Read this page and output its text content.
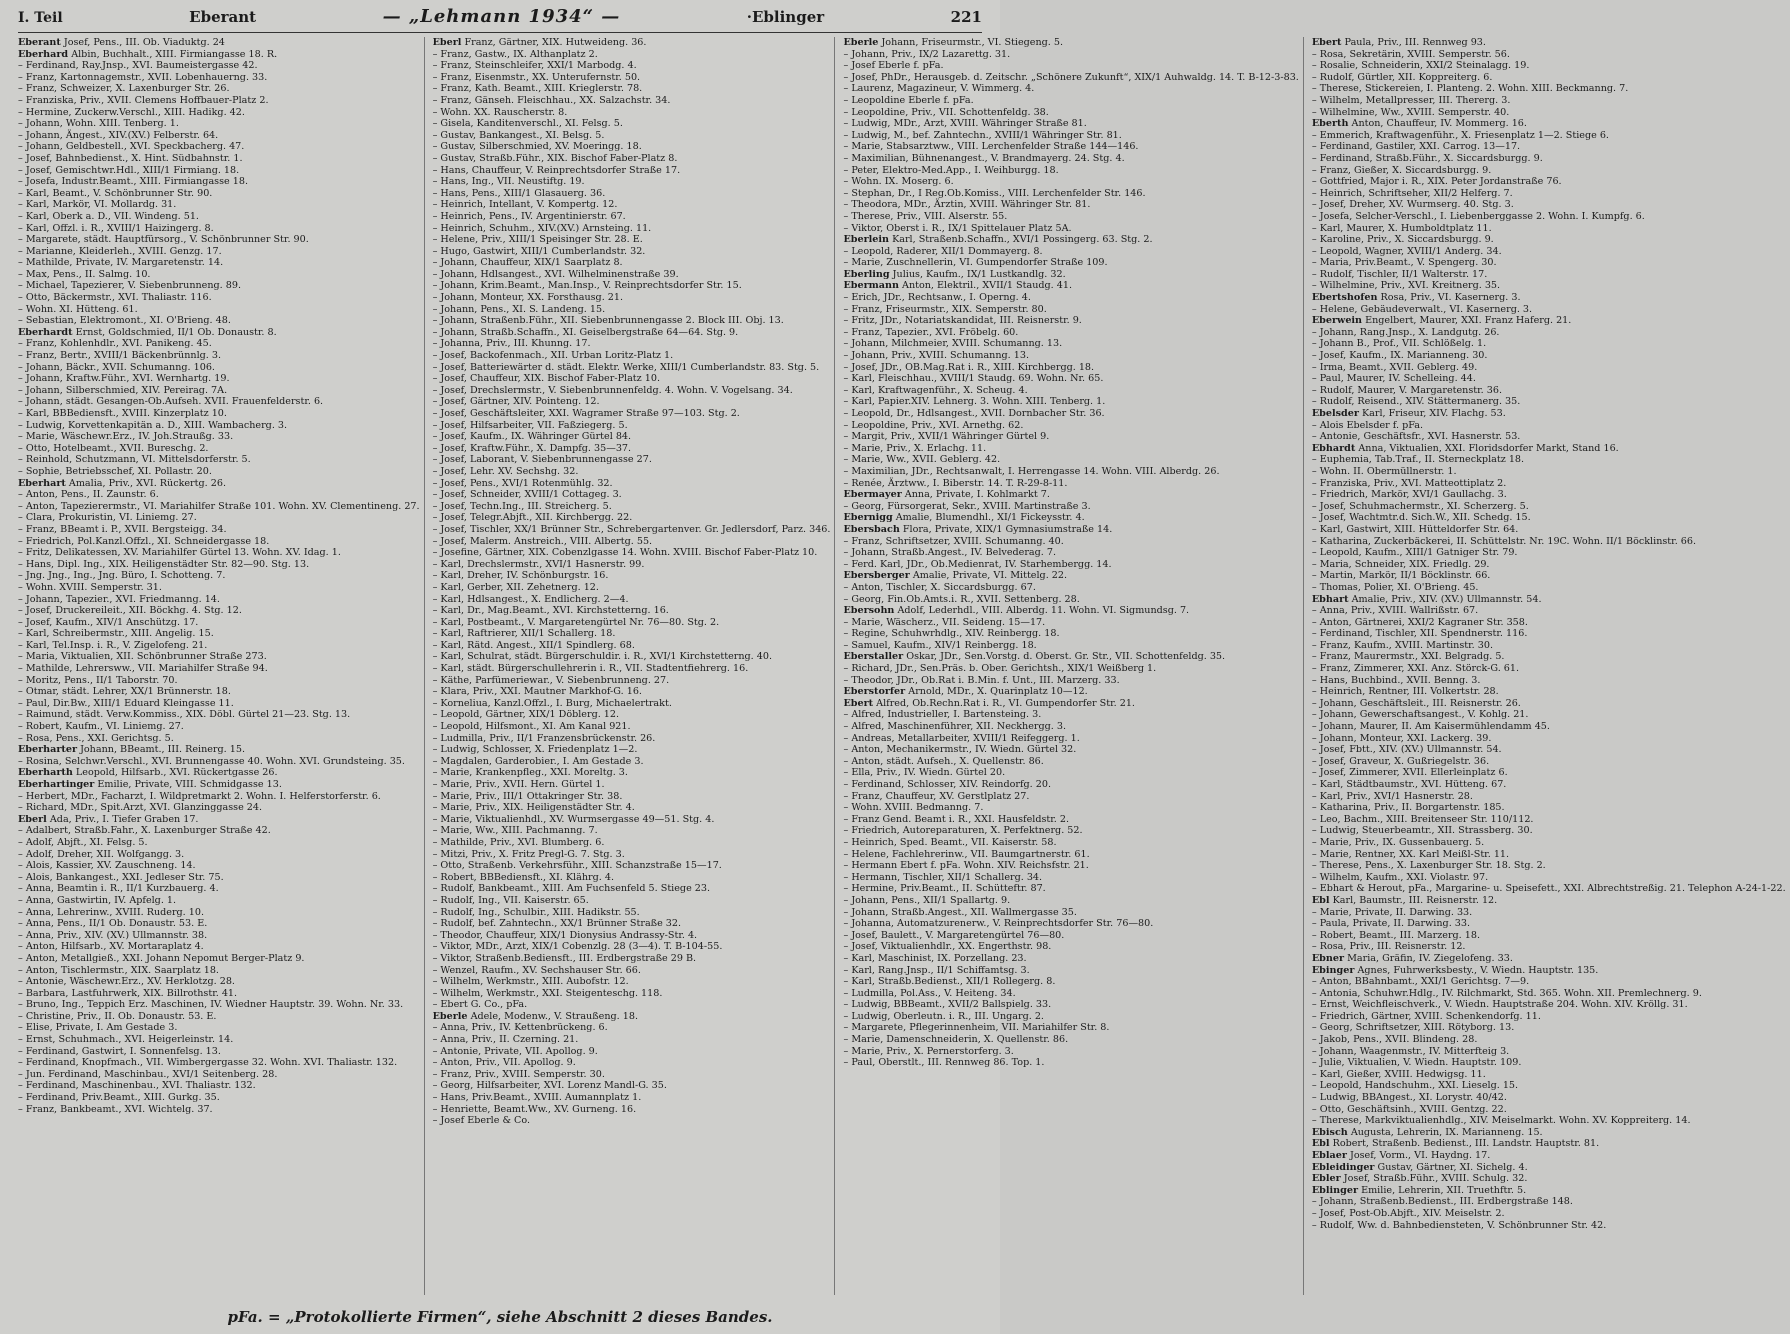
I. Teil	Eberant	— „Lehmann 1934“ —	·Eblinger	221
Eberant Josef, Pens., III. Ob. Viaduktg. 24
Eberhard Albin, Buchhalt., XIII. Firmiangasse 18. R.
– Ferdinand, Ray.Jnsp., XVI. Baumeistergasse 42.
– Franz, Kartonnagemstr., XVII. Lobenhauerng. 33.
– Franz, Schweizer, X. Laxenburger Str. 26.
– Franziska, Priv., XVII. Clemens Hoffbauer-Platz 2.
– Hermine, Zuckerw.Verschl., XIII. Hadikg. 42.
– Johann, Wohn. XIII. Tenberg. 1.
– Johann, Ängest., XIV.(XV.) Felberstr. 64.
– Johann, Geldbestell., XVI. Speckbacherg. 47.
– Josef, Bahnbedienst., X. Hint. Südbahnstr. 1.
– Josef, Gemischtwr.Hdl., XIII/1 Firmiang. 18.
– Josefa, Industr.Beamt., XIII. Firmiangasse 18.
– Karl, Beamt., V. Schönbrunner Str. 90.
– Karl, Markör, VI. Mollardg. 31.
– Karl, Oberk a. D., VII. Windeng. 51.
– Karl, Offzl. i. R., XVIII/1 Haizingerg. 8.
– Margarete, städt. Hauptfürsorg., V. Schönbrunner Str. 90.
– Marianne, Kleiderleh., XVIII. Genzg. 17.
– Mathilde, Private, IV. Margaretenstr. 14.
– Max, Pens., II. Salmg. 10.
– Michael, Tapezierer, V. Siebenbrunneng. 89.
– Otto, Bäckermstr., XVI. Thaliastr. 116.
– Wohn. XI. Hütteng. 61.
– Sebastian, Elektromont., XI. O'Brieng. 48.
Eberhardt Ernst, Goldschmied, II/1 Ob. Donaustr. 8.
– Franz, Kohlenhdlr., XVI. Panikeng. 45.
– Franz, Bertr., XVIII/1 Bäckenbrünnlg. 3.
– Johann, Bäckr., XVII. Schumanng. 106.
– Johann, Kraftw.Führ., XVI. Wernhartg. 19.
– Johann, Silberschmied, XIV. Pereirag. 7A.
– Johann, städt. Gesangen-Ob.Aufseh. XVII. Frauenfelderstr. 6.
– Karl, BBBediensft., XVIII. Kinzerplatz 10.
– Ludwig, Korvettenkapitän a. D., XIII. Wambacherg. 3.
– Marie, Wäschewr.Erz., IV. Joh.Straußg. 33.
– Otto, Hotelbeamt., XVII. Bureschg. 2.
– Reinhold, Schutzmann, VI. Mittelsdorferstr. 5.
– Sophie, Betriebsschef, XI. Pollastr. 20.
Eberhart Amalia, Priv., XVI. Rückertg. 26.
– Anton, Pens., II. Zaunstr. 6.
– Anton, Tapezierermstr., VI. Mariahilfer Straße 101. Wohn. XV. Clementineng. 27.
– Clara, Prokuristin, VI. Liniemg. 27.
– Franz, BBeamt i. P., XVII. Bergsteigg. 34.
– Friedrich, Pol.Kanzl.Offzl., XI. Schneidergasse 18.
– Fritz, Delikatessen, XV. Mariahilfer Gürtel 13. Wohn. XV. Idag. 1.
– Hans, Dipl. Ing., XIX. Heiligenstädter Str. 82—90. Stg. 13.
– Jng. Jng., Ing., Jng. Büro, I. Schotteng. 7.
– Wohn. XVIII. Semperstr. 31.
– Johann, Tapezier., XVI. Friedmanng. 14.
– Josef, Druckereileit., XII. Böckhg. 4. Stg. 12.
– Josef, Kaufm., XIV/1 Anschützg. 17.
– Karl, Schreibermstr., XIII. Angelig. 15.
– Karl, Tel.Insp. i. R., V. Zigelofeng. 21.
– Maria, Viktualien, XII. Schönbrunner Straße 273.
– Mathilde, Lehrersww., VII. Mariahilfer Straße 94.
– Moritz, Pens., II/1 Taborstr. 70.
– Otmar, städt. Lehrer, XX/1 Brünnerstr. 18.
– Paul, Dir.Bw., XIII/1 Eduard Kleingasse 11.
– Raimund, städt. Verw.Kommiss., XIX. Döbl. Gürtel 21—23. Stg. 13.
– Robert, Kaufm., VI. Liniemg. 27.
– Rosa, Pens., XXI. Gerichtsg. 5.
Eberharter Johann, BBeamt., III. Reinerg. 15.
– Rosina, Selchwr.Verschl., XVI. Brunnengasse 40. Wohn. XVI. Grundsteing. 35.
Eberharth Leopold, Hilfsarb., XVI. Rückertgasse 26.
Eberhartinger Emilie, Private, VIII. Schmidgasse 13.
– Herbert, MDr., Facharzt, I. Wildpretmarkt 2. Wohn. I. Helferstorferstr. 6.
– Richard, MDr., Spit.Arzt, XVI. Glanzinggasse 24.
Eberl Ada, Priv., I. Tiefer Graben 17.
– Adalbert, Straßb.Fahr., X. Laxenburger Straße 42.
– Adolf, Abjft., XI. Felsg. 5.
– Adolf, Dreher, XII. Wolfgangg. 3.
– Alois, Kassier, XV. Zauschneng. 14.
– Alois, Bankangest., XXI. Jedleser Str. 75.
– Anna, Beamtin i. R., II/1 Kurzbauerg. 4.
– Anna, Gastwirtin, IV. Apfelg. 1.
– Anna, Lehrerinw., XVIII. Ruderg. 10.
– Anna, Pens., II/1 Ob. Donaustr. 53. E.
– Anna, Priv., XIV. (XV.) Ullmannstr. 38.
– Anton, Hilfsarb., XV. Mortaraplatz 4.
– Anton, Metallgieß., XXI. Johann Nepomut Berger-Platz 9.
– Anton, Tischlermstr., XIX. Saarplatz 18.
– Antonie, Wäschewr.Erz., XV. Herklotzg. 28.
– Barbara, Lastfuhrwerk, XIX. Billrothstr. 41.
– Bruno, Ing., Teppich Erz. Maschinen, IV. Wiedner Hauptstr. 39. Wohn. Nr. 33.
– Christine, Priv., II. Ob. Donaustr. 53. E.
– Elise, Private, I. Am Gestade 3.
– Ernst, Schuhmach., XVI. Heigerleinstr. 14.
– Ferdinand, Gastwirt, I. Sonnenfelsg. 13.
– Ferdinand, Knopfmach., VII. Wimbergergasse 32. Wohn. XVI. Thaliastr. 132.
– Jun. Ferdinand, Maschinbau., XVI/1 Seitenberg. 28.
– Ferdinand, Maschinenbau., XVI. Thaliastr. 132.
– Ferdinand, Priv.Beamt., XIII. Gurkg. 35.
– Franz, Bankbeamt., XVI. Wichtelg. 37.
Eberl Franz, Gärtner, XIX. Hutweideng. 36.
– Franz, Gastw., IX. Althanplatz 2.
– Franz, Steinschleifer, XXI/1 Marbodg. 4.
– Franz, Eisenmstr., XX. Unterufernstr. 50.
– Franz, Kath. Beamt., XIII. Krieglerstr. 78.
– Franz, Gänseh. Fleischhau., XX. Salzachstr. 34.
– Wohn. XX. Rauscherstr. 8.
– Gisela, Kanditenverschl., XI. Felsg. 5.
– Gustav, Bankangest., XI. Belsg. 5.
– Gustav, Silberschmied, XV. Moeringg. 18.
– Gustav, Straßb.Führ., XIX. Bischof Faber-Platz 8.
– Hans, Chauffeur, V. Reinprechtsdorfer Straße 17.
– Hans, Ing., VII. Neustiftg. 19.
– Hans, Pens., XIII/1 Glasauerg. 36.
– Heinrich, Intellant, V. Kompertg. 12.
– Heinrich, Pens., IV. Argentinierstr. 67.
– Heinrich, Schuhm., XIV.(XV.) Arnsteing. 11.
– Helene, Priv., XIII/1 Speisinger Str. 28. E.
– Hugo, Gastwirt, XIII/1 Cumberlandstr. 32.
– Johann, Chauffeur, XIX/1 Saarplatz 8.
– Johann, Hdlsangest., XVI. Wilhelminenstraße 39.
– Johann, Krim.Beamt., Man.Insp., V. Reinprechtsdorfer Str. 15.
– Johann, Monteur, XX. Forsthausg. 21.
– Johann, Pens., XI. S. Landeng. 15.
– Johann, Straßenb.Führ., XII. Siebenbrunnengasse 2. Block III. Obj. 13.
– Johann, Straßb.Schaffn., XI. Geiselbergstraße 64—64. Stg. 9.
– Johanna, Priv., III. Khunng. 17.
– Josef, Backofenmach., XII. Urban Loritz-Platz 1.
– Josef, Batteriewärter d. städt. Elektr. Werke, XIII/1 Cumberlandstr. 83. Stg. 5.
– Josef, Chauffeur, XIX. Bischof Faber-Platz 10.
– Josef, Drechslermstr., V. Siebenbrunnenfeldg. 4. Wohn. V. Vogelsang. 34.
– Josef, Gärtner, XIV. Pointeng. 12.
– Josef, Geschäftsleiter, XXI. Wagramer Straße 97—103. Stg. 2.
– Josef, Hilfsarbeiter, VII. Faßziegerg. 5.
– Josef, Kaufm., IX. Währinger Gürtel 84.
– Josef, Kraftw.Führ., X. Dampfg. 35—37.
– Josef, Laborant, V. Siebenbrunnengasse 27.
– Josef, Lehr. XV. Sechshg. 32.
– Josef, Pens., XVI/1 Rotenmühlg. 32.
– Josef, Schneider, XVIII/1 Cottageg. 3.
– Josef, Techn.Ing., III. Streicherg. 5.
– Josef, Telegr.Abjft., XII. Kirchbergg. 22.
– Josef, Tischler, XX/1 Brünner Str., Schrebergartenver. Gr. Jedlersdorf, Parz. 346.
– Josef, Malerm. Anstreich., VIII. Albertg. 55.
– Josefine, Gärtner, XIX. Cobenzlgasse 14. Wohn. XVIII. Bischof Faber-Platz 10.
– Karl, Drechslermstr., XVI/1 Hasnerstr. 99.
– Karl, Dreher, IV. Schönburgstr. 16.
– Karl, Gerber, XII. Zehetnerg. 12.
– Karl, Hdlsangest., X. Endlicherg. 2—4.
– Karl, Dr., Mag.Beamt., XVI. Kirchstetterng. 16.
– Karl, Postbeamt., V. Margaretengürtel Nr. 76—80. Stg. 2.
– Karl, Raftrierer, XII/1 Schallerg. 18.
– Karl, Rätd. Angest., XII/1 Spindlerg. 68.
– Karl, Schulrat, städt. Bürgerschuldir. i. R., XVI/1 Kirchstetterng. 40.
– Karl, städt. Bürgerschullehrerin i. R., VII. Stadtentfiehrerg. 16.
– Käthe, Parfümeriewar., V. Siebenbrunneng. 27.
– Klara, Priv., XXI. Mautner Markhof-G. 16.
– Korneliua, Kanzl.Offzl., I. Burg, Michaelertrakt.
– Leopold, Gärtner, XIX/1 Döblerg. 12.
– Leopold, Hilfsmont., XI. Am Kanal 921.
– Ludmilla, Priv., II/1 Franzensbrückenstr. 26.
– Ludwig, Schlosser, X. Friedenplatz 1—2.
– Magdalen, Garderobier., I. Am Gestade 3.
– Marie, Krankenpfleg., XXI. Moreltg. 3.
– Marie, Priv., XVII. Hern. Gürtel 1.
– Marie, Priv., III/1 Ottakringer Str. 38.
– Marie, Priv., XIX. Heiligenstädter Str. 4.
– Marie, Viktualienhdl., XV. Wurmsergasse 49—51. Stg. 4.
– Marie, Ww., XIII. Pachmanng. 7.
– Mathilde, Priv., XVI. Blumberg. 6.
– Mitzi, Priv., X. Fritz Pregl-G. 7. Stg. 3.
– Otto, Straßenb. Verkehrsführ., XIII. Schanzstraße 15—17.
– Robert, BBBediensft., XI. Klährg. 4.
– Rudolf, Bankbeamt., XIII. Am Fuchsenfeld 5. Stiege 23.
– Rudolf, Ing., VII. Kaiserstr. 65.
– Rudolf, Ing., Schulbir., XIII. Hadikstr. 55.
– Rudolf, bef. Zahntechn., XX/1 Brünner Straße 32.
– Theodor, Chauffeur, XIX/1 Dionysius Andrassy-Str. 4.
– Viktor, MDr., Arzt, XIX/1 Cobenzlg. 28 (3—4). T. B-104-55.
– Viktor, Straßenb.Bediensft., III. Erdbergstraße 29 B.
– Wenzel, Raufm., XV. Sechshauser Str. 66.
– Wilhelm, Werkmstr., XIII. Aubofstr. 12.
– Wilhelm, Werkmstr., XXI. Steigenteschg. 118.
– Ebert G. Co., pFa.
Eberle Adele, Modenw., V. Straußeng. 18.
– Anna, Priv., IV. Kettenbrückeng. 6.
– Anna, Priv., II. Czerning. 21.
– Antonie, Private, VII. Apollog. 9.
– Anton, Priv., VII. Apollog. 9.
– Franz, Priv., XVIII. Semperstr. 30.
– Georg, Hilfsarbeiter, XVI. Lorenz Mandl-G. 35.
– Hans, Priv.Beamt., XVIII. Aumannplatz 1.
– Henriette, Beamt.Ww., XV. Gurneng. 16.
– Josef Eberle & Co.
Eberle Johann, Friseurmstr., VI. Stiegeng. 5.
– Johann, Priv., IX/2 Lazarettg. 31.
– Josef Eberle f. pFa.
– Josef, PhDr., Herausgeb. d. Zeitschr. „Schönere Zukunft“, XIX/1 Auhwaldg. 14. T. B-12-3-83.
– Laurenz, Magazineur, V. Wimmerg. 4.
– Leopoldine Eberle f. pFa.
– Leopoldine, Priv., VII. Schottenfeldg. 38.
– Ludwig, MDr., Arzt, XVIII. Währinger Straße 81.
– Ludwig, M., bef. Zahntechn., XVIII/1 Währinger Str. 81.
– Marie, Stabsarztww., VIII. Lerchenfelder Straße 144—146.
– Maximilian, Bühnenangest., V. Brandmayerg. 24. Stg. 4.
– Peter, Elektro-Med.App., I. Weihburgg. 18.
– Wohn. IX. Moserg. 6.
– Stephan, Dr., I Reg.Ob.Komiss., VIII. Lerchenfelder Str. 146.
– Theodora, MDr., Ärztin, XVIII. Währinger Str. 81.
– Therese, Priv., VIII. Alserstr. 55.
– Viktor, Oberst i. R., IX/1 Spittelauer Platz 5A.
Eberlein Karl, Straßenb.Schaffn., XVI/1 Possingerg. 63. Stg. 2.
– Leopold, Raderer, XII/1 Dommayerg. 8.
– Marie, Zuschnellerin, VI. Gumpendorfer Straße 109.
Eberling Julius, Kaufm., IX/1 Lustkandlg. 32.
Ebermann Anton, Elektril., XVII/1 Staudg. 41.
– Erich, JDr., Rechtsanw., I. Operng. 4.
– Franz, Friseurmstr., XIX. Semperstr. 80.
– Fritz, JDr., Notariatskandidat, III. Reisnerstr. 9.
– Franz, Tapezier., XVI. Fröbelg. 60.
– Johann, Milchmeier, XVIII. Schumanng. 13.
– Johann, Priv., XVIII. Schumanng. 13.
– Josef, JDr., OB.Mag.Rat i. R., XIII. Kirchbergg. 18.
– Karl, Fleischhau., XVIII/1 Staudg. 69. Wohn. Nr. 65.
– Karl, Kraftwagenführ., X. Scheug. 4.
– Karl, Papier.XIV. Lehnerg. 3. Wohn. XIII. Tenberg. 1.
– Leopold, Dr., Hdlsangest., XVII. Dornbacher Str. 36.
– Leopoldine, Priv., XVI. Arnethg. 62.
– Margit, Priv., XVII/1 Währinger Gürtel 9.
– Marie, Priv., X. Erlachg. 11.
– Marie, Ww., XVII. Geblerg. 42.
– Maximilian, JDr., Rechtsanwalt, I. Herrengasse 14. Wohn. VIII. Alberdg. 26.
– Renée, Ärztww., I. Biberstr. 14. T. R-29-8-11.
Ebermayer Anna, Private, I. Kohlmarkt 7.
– Georg, Fürsorgerat, Sekr., XVIII. Martinstraße 3.
Ebernigg Amalie, Blumendhl., XI/1 Fickeysstr. 4.
Ebersbach Flora, Private, XIX/1 Gymnasiumstraße 14.
– Franz, Schriftsetzer, XVIII. Schumanng. 40.
– Johann, Straßb.Angest., IV. Belvederag. 7.
– Ferd. Karl, JDr., Ob.Medienrat, IV. Starhembergg. 14.
Ebersberger Amalie, Private, VI. Mittelg. 22.
– Anton, Tischler, X. Siccardsburgg. 67.
– Georg, Fin.Ob.Amts.i. R., XVII. Settenberg. 28.
Ebersohn Adolf, Lederhdl., VIII. Alberdg. 11. Wohn. VI. Sigmundsg. 7.
– Marie, Wäscherz., VII. Seideng. 15—17.
– Regine, Schuhwrhdlg., XIV. Reinbergg. 18.
– Samuel, Kaufm., XIV/1 Reinbergg. 18.
Eberstaller Oskar, JDr., Sen.Vorstg. d. Oberst. Gr. Str., VII. Schottenfeldg. 35.
– Richard, JDr., Sen.Präs. b. Ober. Gerichtsh., XIX/1 Weißberg 1.
– Theodor, JDr., Ob.Rat i. B.Min. f. Unt., III. Marzerg. 33.
Eberstorfer Arnold, MDr., X. Quarinplatz 10—12.
Ebert Alfred, Ob.Rechn.Rat i. R., VI. Gumpendorfer Str. 21.
– Alfred, Industrieller, I. Bartensteing. 3.
– Alfred, Maschinenführer, XII. Neckhergg. 3.
– Andreas, Metallarbeiter, XVIII/1 Reifeggerg. 1.
– Anton, Mechanikermstr., IV. Wiedn. Gürtel 32.
– Anton, städt. Aufseh., X. Quellenstr. 86.
– Ella, Priv., IV. Wiedn. Gürtel 20.
– Ferdinand, Schlosser, XIV. Reindorfg. 20.
– Franz, Chauffeur, XV. Gerstlplatz 27.
– Wohn. XVIII. Bedmanng. 7.
– Franz Gend. Beamt i. R., XXI. Hausfeldstr. 2.
– Friedrich, Autoreparaturen, X. Perfektnerg. 52.
– Heinrich, Sped. Beamt., VII. Kaiserstr. 58.
– Helene, Fachlehrerinw., VII. Baumgartnerstr. 61.
– Hermann Ebert f. pFa. Wohn. XIV. Reichsfstr. 21.
– Hermann, Tischler, XII/1 Schallerg. 34.
– Hermine, Priv.Beamt., II. Schütteftr. 87.
– Johann, Pens., XII/1 Spallartg. 9.
– Johann, Straßb.Angest., XII. Wallmergasse 35.
– Johanna, Automatzurenerw., V. Reinprechtsdorfer Str. 76—80.
– Josef, Baulett., V. Margaretengürtel 76—80.
– Josef, Viktualienhdlr., XX. Engerthstr. 98.
– Karl, Maschinist, IX. Porzellang. 23.
– Karl, Rang.Jnsp., II/1 Schiffamtsg. 3.
– Karl, Straßb.Bedienst., XII/1 Rollegerg. 8.
– Ludmilla, Pol.Ass., V. Heiteng. 34.
– Ludwig, BBBeamt., XVII/2 Ballspielg. 33.
– Ludwig, Oberleutn. i. R., III. Ungarg. 2.
– Margarete, Pflegerinnenheim, VII. Mariahilfer Str. 8.
– Marie, Damenschneiderin, X. Quellenstr. 86.
– Marie, Priv., X. Pernerstorferg. 3.
– Paul, Oberstlt., III. Rennweg 86. Top. 1.
Ebert Paula, Priv., III. Rennweg 93.
– Rosa, Sekretärin, XVIII. Semperstr. 56.
– Rosalie, Schneiderin, XXI/2 Steinalagg. 19.
– Rudolf, Gürtler, XII. Koppreiterg. 6.
– Therese, Stickereien, I. Planteng. 2. Wohn. XIII. Beckmanng. 7.
– Wilhelm, Metallpresser, III. Thererg. 3.
– Wilhelmine, Ww., XVIII. Semperstr. 40.
Eberth Anton, Chauffeur, IV. Mommerg. 16.
– Emmerich, Kraftwagenführ., X. Friesenplatz 1—2. Stiege 6.
– Ferdinand, Gastiler, XXI. Carrog. 13—17.
– Ferdinand, Straßb.Führ., X. Siccardsburgg. 9.
– Franz, Gießer, X. Siccardsburgg. 9.
– Gottfried, Major i. R., XIX. Peter Jordanstraße 76.
– Heinrich, Schriftseher, XII/2 Helferg. 7.
– Josef, Dreher, XV. Wurmserg. 40. Stg. 3.
– Josefa, Selcher-Verschl., I. Liebenberggasse 2. Wohn. I. Kumpfg. 6.
– Karl, Maurer, X. Humboldtplatz 11.
– Karoline, Priv., X. Siccardsburgg. 9.
– Leopold, Wagner, XVIII/1 Anderg. 34.
– Maria, Priv.Beamt., V. Spengerg. 30.
– Rudolf, Tischler, II/1 Walterstr. 17.
– Wilhelmine, Priv., XVI. Kreitnerg. 35.
Ebertshofen Rosa, Priv., VI. Kasernerg. 3.
– Helene, Gebäudeverwalt., VI. Kasernerg. 3.
Eberwein Engelbert, Maurer, XXI. Franz Haferg. 21.
– Johann, Rang.Jnsp., X. Landgutg. 26.
– Johann B., Prof., VII. Schlößelg. 1.
– Josef, Kaufm., IX. Marianneng. 30.
– Irma, Beamt., XVII. Geblerg. 49.
– Paul, Maurer, IV. Schelleing. 44.
– Rudolf, Maurer, V. Margaretenstr. 36.
– Rudolf, Reisend., XIV. Stättermanerg. 35.
Ebelsder Karl, Friseur, XIV. Flachg. 53.
– Alois Ebelsder f. pFa.
– Antonie, Geschäftsfr., XVI. Hasnerstr. 53.
Ebhardt Anna, Viktualien, XXI. Floridsdorfer Markt, Stand 16.
– Euphemia, Tab.Traf., II. Sterneckplatz 18.
– Wohn. II. Obermüllnerstr. 1.
– Franziska, Priv., XVI. Matteottiplatz 2.
– Friedrich, Markör, XVI/1 Gaullachg. 3.
– Josef, Schuhmachermstr., XI. Scherzerg. 5.
– Josef, Wachtmtr.d. Sich.W., XII. Schedg. 15.
– Karl, Gastwirt, XIII. Hütteldorfer Str. 64.
– Katharina, Zuckerbäckerei, II. Schüttelstr. Nr. 19C. Wohn. II/1 Böcklinstr. 66.
– Leopold, Kaufm., XIII/1 Gatniger Str. 79.
– Maria, Schneider, XIX. Friedlg. 29.
– Martin, Markör, II/1 Böcklinstr. 66.
– Thomas, Polier, XI. O'Brieng. 45.
Ebhart Amalie, Priv., XIV. (XV.) Ullmannstr. 54.
– Anna, Priv., XVIII. Wallrißstr. 67.
– Anton, Gärtnerei, XXI/2 Kagraner Str. 358.
– Ferdinand, Tischler, XII. Spendnerstr. 116.
– Franz, Kaufm., XVIII. Martinstr. 30.
– Franz, Maurermstr., XXI. Belgradg. 5.
– Franz, Zimmerer, XXI. Anz. Störck-G. 61.
– Hans, Buchbind., XVII. Benng. 3.
– Heinrich, Rentner, III. Volkertstr. 28.
– Johann, Geschäftsleit., III. Reisnerstr. 26.
– Johann, Gewerschaftsangest., V. Kohlg. 21.
– Johann, Maurer, II. Am Kaisermühlendamm 45.
– Johann, Monteur, XXI. Lackerg. 39.
– Josef, Fbtt., XIV. (XV.) Ullmannstr. 54.
– Josef, Graveur, X. Gußriegelstr. 36.
– Josef, Zimmerer, XVII. Ellerleinplatz 6.
– Karl, Städtbaumstr., XVI. Hütteng. 67.
– Karl, Priv., XVI/1 Hasnerstr. 28.
– Katharina, Priv., II. Borgartenstr. 185.
– Leo, Bachm., XIII. Breitenseer Str. 110/112.
– Ludwig, Steuerbeamtr., XII. Strassberg. 30.
– Marie, Priv., IX. Gussenbauerg. 5.
– Marie, Rentner, XX. Karl Meißl-Str. 11.
– Therese, Pens., X. Laxenburger Str. 18. Stg. 2.
– Wilhelm, Kaufm., XXI. Violastr. 97.
– Ebhart & Herout, pFa., Margarine- u. Speisefett., XXI. Albrechtstreßig. 21. Telephon A-24-1-22.
Ebl Karl, Baumstr., III. Reisnerstr. 12.
– Marie, Private, II. Darwing. 33.
– Paula, Private, II. Darwing. 33.
– Robert, Beamt., III. Marzerg. 18.
– Rosa, Priv., III. Reisnerstr. 12.
Ebner Maria, Gräfin, IV. Ziegelofeng. 33.
Ebinger Agnes, Fuhrwerksbesty., V. Wiedn. Hauptstr. 135.
– Anton, BBahnbamt., XXI/1 Gerichtsg. 7—9.
– Antonia, Schuhwr.Hdlg., IV. Rilchmarkt, Std. 365. Wohn. XII. Premlechnerg. 9.
– Ernst, Weichfleischverk., V. Wiedn. Hauptstraße 204. Wohn. XIV. Kröllg. 31.
– Friedrich, Gärtner, XVIII. Schenkendorfg. 11.
– Georg, Schriftsetzer, XIII. Rötyborg. 13.
– Jakob, Pens., XVII. Blindeng. 28.
– Johann, Waagenmstr., IV. Mitterfteig 3.
– Julie, Viktualien, V. Wiedn. Hauptstr. 109.
– Karl, Gießer, XVIII. Hedwigsg. 11.
– Leopold, Handschuhm., XXI. Lieselg. 15.
– Ludwig, BBAngest., XI. Lorystr. 40/42.
– Otto, Geschäftsinh., XVIII. Gentzg. 22.
– Therese, Markviktualienhdlg., XIV. Meiselmarkt. Wohn. XV. Koppreiterg. 14.
Ebisch Augusta, Lehrerin, IX. Marianneng. 15.
Ebl Robert, Straßenb. Bedienst., III. Landstr. Hauptstr. 81.
Eblaer Josef, Vorm., VI. Haydng. 17.
Ebleidinger Gustav, Gärtner, XI. Sichelg. 4.
Ebler Josef, Straßb.Führ., XVIII. Schulg. 32.
Eblinger Emilie, Lehrerin, XII. Truethftr. 5.
– Johann, Straßenb.Bedienst., III. Erdbergstraße 148.
– Josef, Post-Ob.Abjft., XIV. Meiselstr. 2.
– Rudolf, Ww. d. Bahnbediensteten, V. Schönbrunner Str. 42.
pFa. = „Protokollierte Firmen“, siehe Abschnitt 2 dieses Bandes.
